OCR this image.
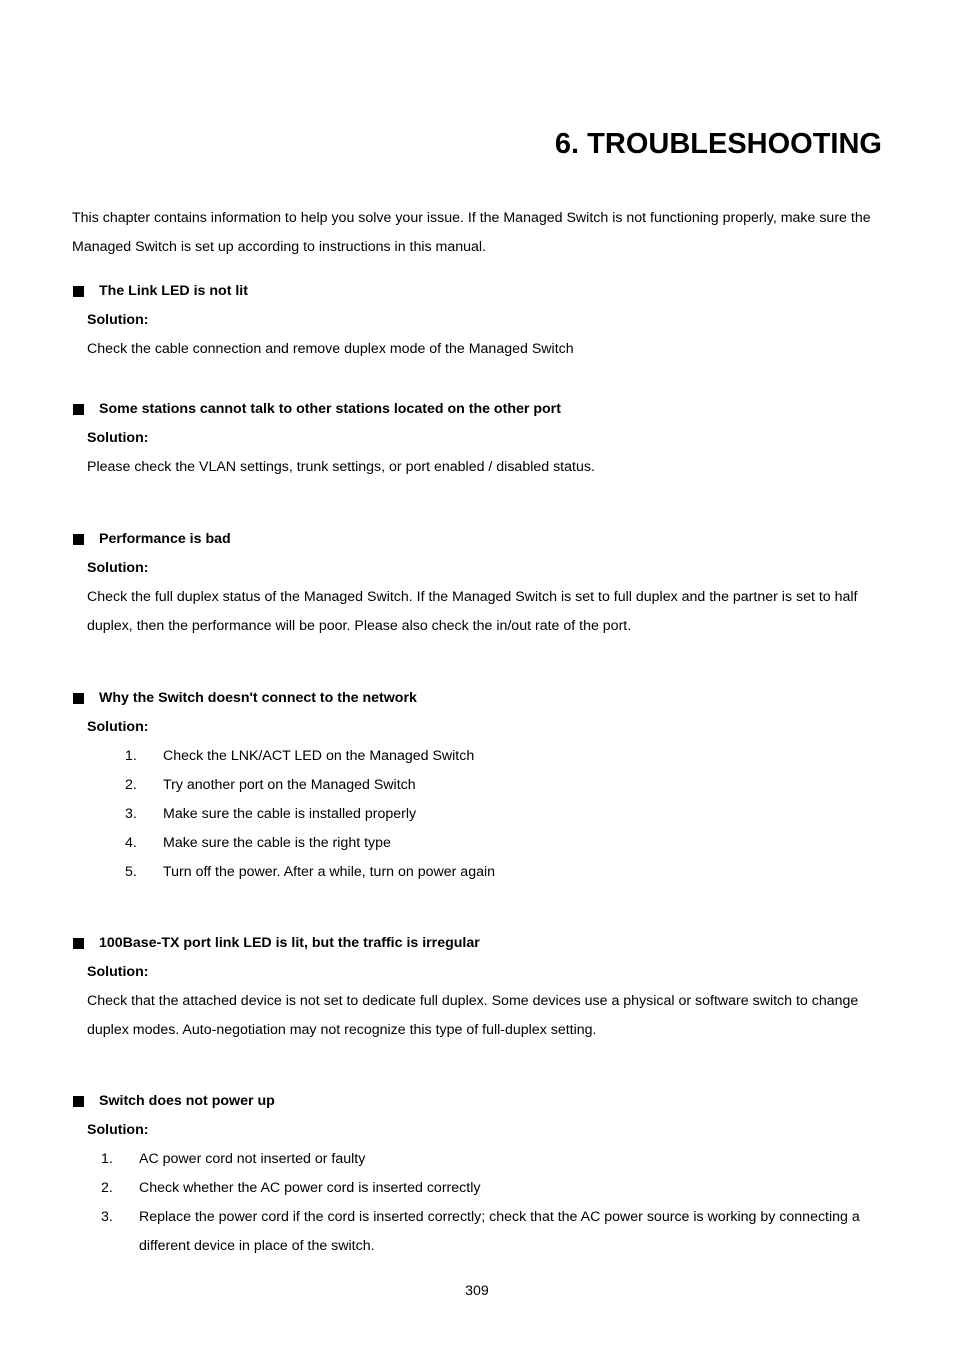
6. TROUBLESHOOTING

This chapter contains information to help you solve your issue. If the Managed Switch is not functioning properly, make sure the Managed Switch is set up according to instructions in this manual.

The Link LED is not lit
Solution:
Check the cable connection and remove duplex mode of the Managed Switch
Some stations cannot talk to other stations located on the other port
Solution:
Please check the VLAN settings, trunk settings, or port enabled / disabled status.
Performance is bad
Solution:
Check the full duplex status of the Managed Switch. If the Managed Switch is set to full duplex and the partner is set to half duplex, then the performance will be poor. Please also check the in/out rate of the port.
Why the Switch doesn't connect to the network
Solution:
1. Check the LNK/ACT LED on the Managed Switch
2. Try another port on the Managed Switch
3. Make sure the cable is installed properly
4. Make sure the cable is the right type
5. Turn off the power. After a while, turn on power again
100Base-TX port link LED is lit, but the traffic is irregular
Solution:
Check that the attached device is not set to dedicate full duplex. Some devices use a physical or software switch to change duplex modes. Auto-negotiation may not recognize this type of full-duplex setting.
Switch does not power up
Solution:
1. AC power cord not inserted or faulty
2. Check whether the AC power cord is inserted correctly
3. Replace the power cord if the cord is inserted correctly; check that the AC power source is working by connecting a different device in place of the switch.
309
